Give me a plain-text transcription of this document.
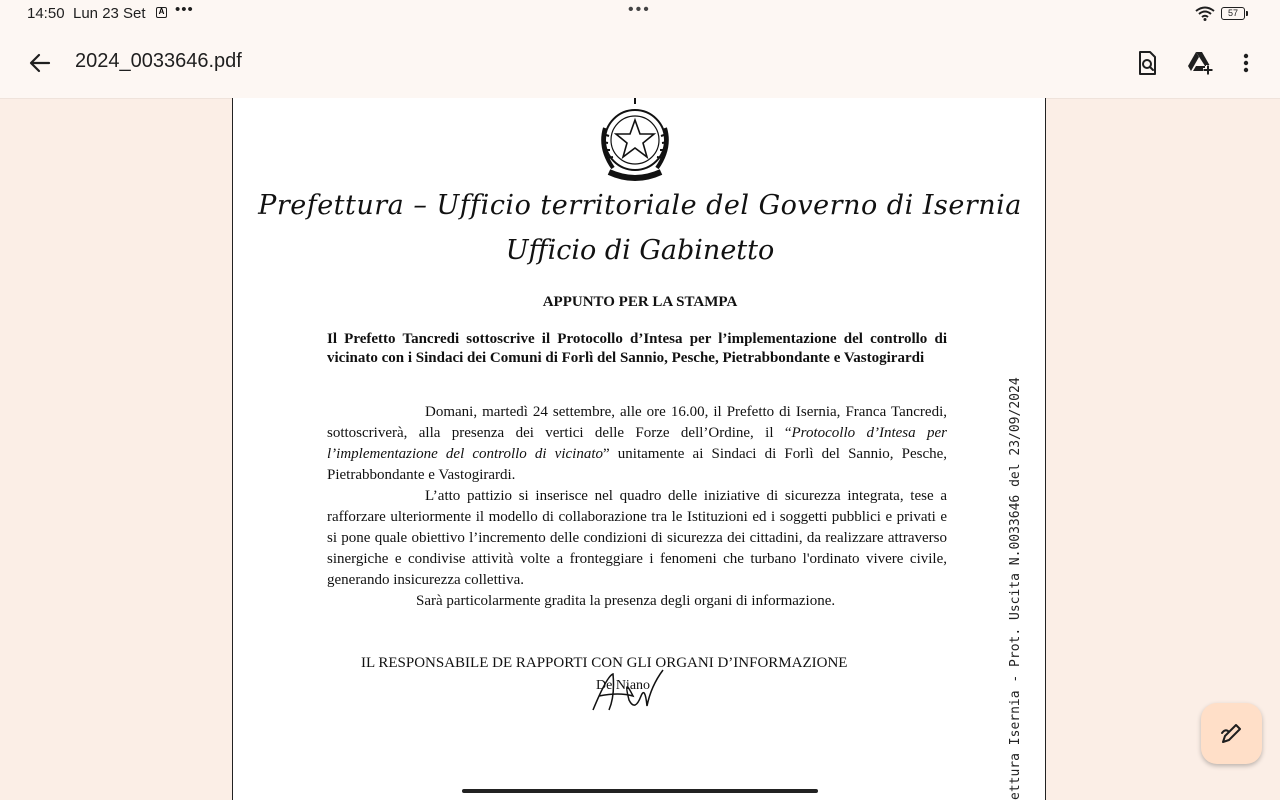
14:50 Lun 23 Set	A •••	•••	57
2024_0033646.pdf
Prefettura – Ufficio territoriale del Governo di Isernia
Ufficio di Gabinetto
APPUNTO PER LA STAMPA
Il Prefetto Tancredi sottoscrive il Protocollo d’Intesa per l’implementazione del controllo di vicinato con i Sindaci dei Comuni di Forlì del Sannio, Pesche, Pietrabbondante e Vastogirardi

Domani, martedì 24 settembre, alle ore 16.00, il Prefetto di Isernia, Franca Tancredi, sottoscriverà, alla presenza dei vertici delle Forze dell’Ordine, il “Protocollo d’Intesa per l’implementazione del controllo di vicinato” unitamente ai Sindaci di Forlì del Sannio, Pesche, Pietrabbondante e Vastogirardi.

L’atto pattizio si inserisce nel quadro delle iniziative di sicurezza integrata, tese a rafforzare ulteriormente il modello di collaborazione tra le Istituzioni ed i soggetti pubblici e privati e si pone quale obiettivo l’incremento delle condizioni di sicurezza dei cittadini, da realizzare attraverso sinergiche e condivise attività volte a fronteggiare i fenomeni che turbano l'ordinato vivere civile, generando insicurezza collettiva.

Sarà particolarmente gradita la presenza degli organi di informazione.

IL RESPONSABILE DE RAPPORTI CON GLI ORGANI D’INFORMAZIONE
De Niano	ettura Isernia - Prot. Uscita N.0033646 del 23/09/2024
